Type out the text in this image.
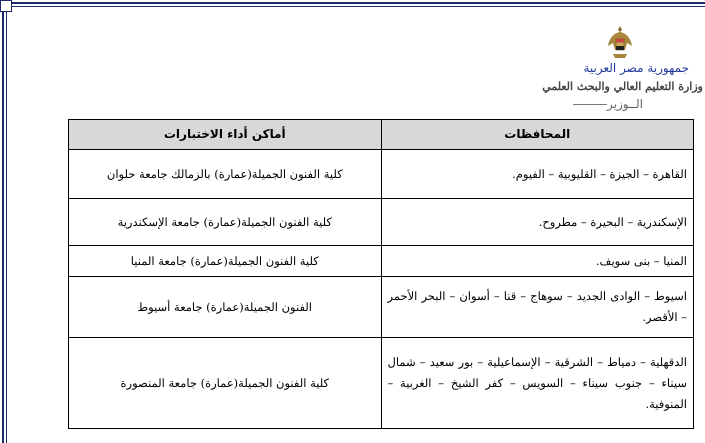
جمهورية مصر العربية
وزارة التعليم العالي والبحث العلمي
الــوزير
المحافظات	أماكن أداء الاختبارات
القاهرة – الجيزة – القليوبية – الفيوم.	كلية الفنون الجميلة(عمارة) بالزمالك جامعة حلوان
الإسكندرية – البحيرة – مطروح.	كلية الفنون الجميلة(عمارة) جامعة الإسكندرية
المنيا – بنى سويف.	كلية الفنون الجميلة(عمارة) جامعة المنيا
اسيوط – الوادى الجديد – سوهاج – قنا – أسوان – البحر الأحمر – الأقصر.	الفنون الجميلة(عمارة) جامعة أسيوط
الدقهلية – دمياط – الشرقية – الإسماعيلية – بور سعيد – شمال سيناء – جنوب سيناء – السويس – كفر الشيخ – الغربية – المنوفية.	كلية الفنون الجميلة(عمارة) جامعة المنصورة
